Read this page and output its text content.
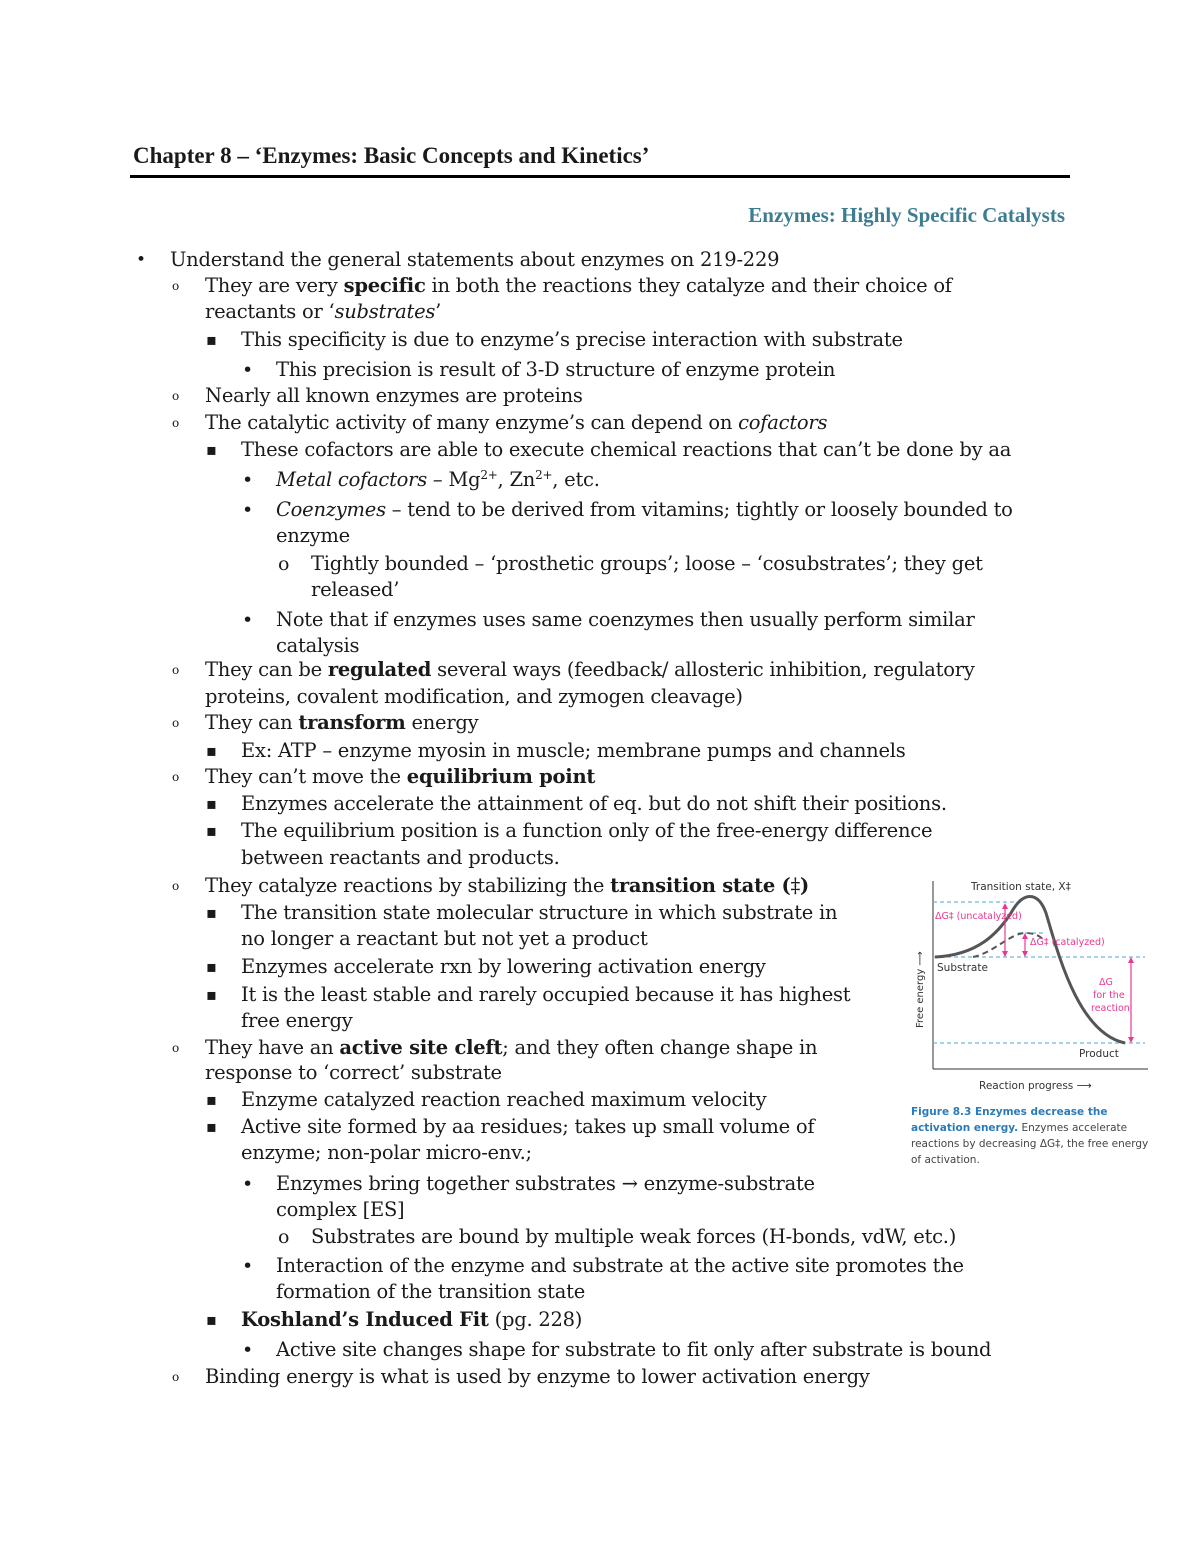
Chapter 8 – ‘Enzymes: Basic Concepts and Kinetics’
Enzymes: Highly Specific Catalysts
• Understand the general statements about enzymes on 219-229
o They are very specific in both the reactions they catalyze and their choice of
reactants or ‘substrates’
▪ This specificity is due to enzyme’s precise interaction with substrate
• This precision is result of 3-D structure of enzyme protein
o Nearly all known enzymes are proteins
o The catalytic activity of many enzyme’s can depend on cofactors
▪ These cofactors are able to execute chemical reactions that can’t be done by aa
• Metal cofactors – $Mg^{2+}$, $Zn^{2+}$, etc.
• Coenzymes – tend to be derived from vitamins; tightly or loosely bounded to
enzyme
o Tightly bounded – ‘prosthetic groups’; loose – ‘cosubstrates’; they get
released’
• Note that if enzymes uses same coenzymes then usually perform similar
catalysis
o They can be regulated several ways (feedback/ allosteric inhibition, regulatory
proteins, covalent modification, and zymogen cleavage)
o They can transform energy
▪ Ex: ATP – enzyme myosin in muscle; membrane pumps and channels
o They can’t move the equilibrium point
▪ Enzymes accelerate the attainment of eq. but do not shift their positions.
▪ The equilibrium position is a function only of the free-energy difference
between reactants and products.
o They catalyze reactions by stabilizing the transition state (‡)
▪ The transition state molecular structure in which substrate in
no longer a reactant but not yet a product
▪ Enzymes accelerate rxn by lowering activation energy
▪ It is the least stable and rarely occupied because it has highest
free energy
o They have an active site cleft; and they often change shape in
response to ‘correct’ substrate
▪ Enzyme catalyzed reaction reached maximum velocity
▪ Active site formed by aa residues; takes up small volume of
enzyme; non-polar micro-env.;
• Enzymes bring together substrates → enzyme-substrate
complex [ES]
o Substrates are bound by multiple weak forces (H-bonds, vdW, etc.)
• Interaction of the enzyme and substrate at the active site promotes the
formation of the transition state
▪ Koshland’s Induced Fit (pg. 228)
• Active site changes shape for substrate to fit only after substrate is bound
o Binding energy is what is used by enzyme to lower activation energy
Transition state, X‡
ΔG‡ (uncatalyzed)
ΔG‡ (catalyzed)
Substrate
Product
ΔG
for the
reaction
Free energy ⟶
Reaction progress ⟶
Figure 8.3 Enzymes decrease the activation energy. Enzymes accelerate reactions by decreasing ΔG‡, the free energy of activation.
